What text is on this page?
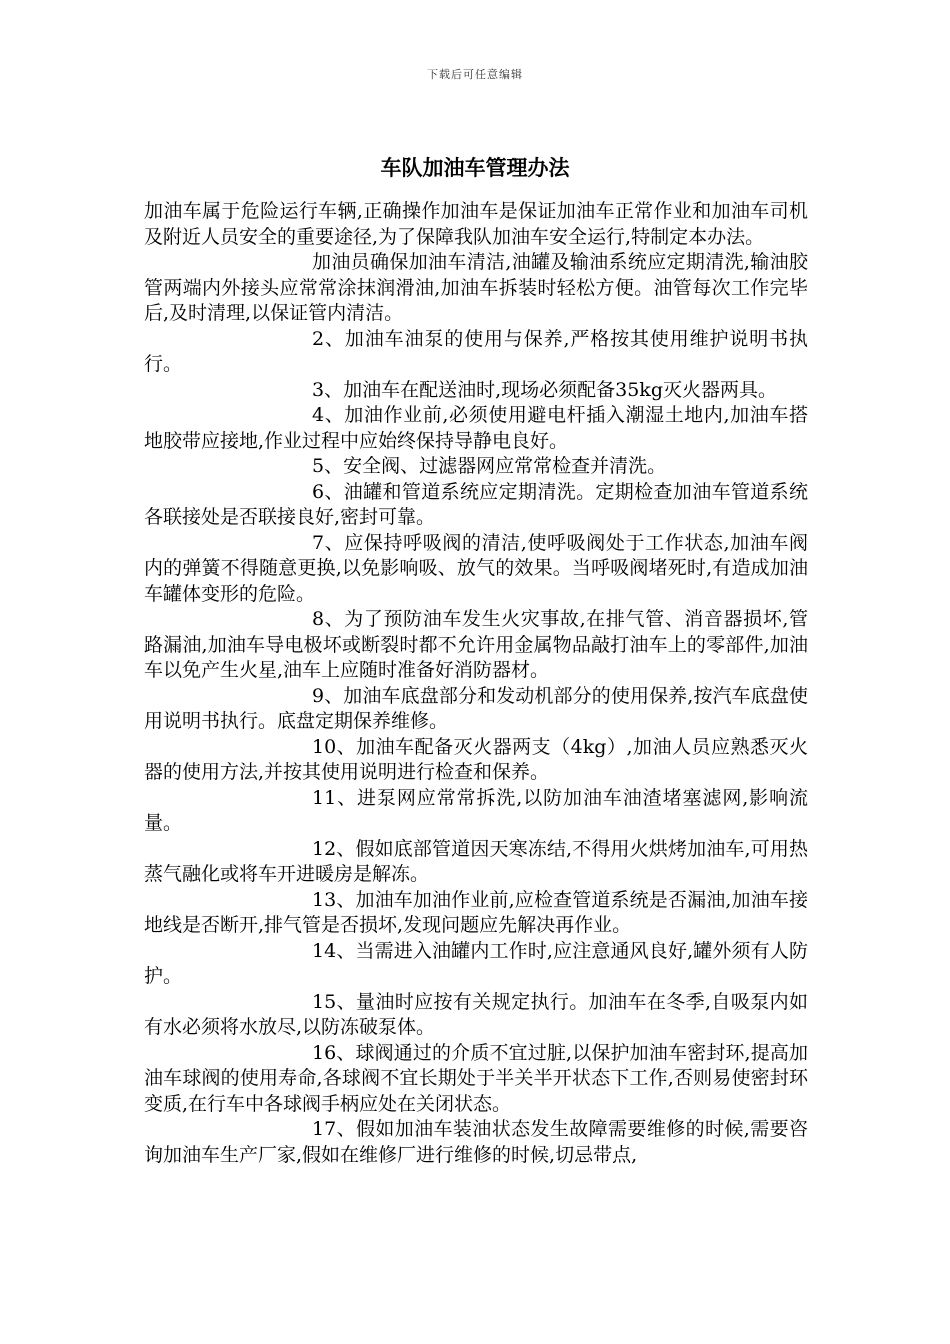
下载后可任意编辑
车队加油车管理办法

加油车属于危险运行车辆,正确操作加油车是保证加油车正常作业和加油车司机及附近人员安全的重要途径,为了保障我队加油车安全运行,特制定本办法。

加油员确保加油车清洁,油罐及输油系统应定期清洗,输油胶管两端内外接头应常常涂抹润滑油,加油车拆装时轻松方便。油管每次工作完毕后,及时清理,以保证管内清洁。

2、加油车油泵的使用与保养,严格按其使用维护说明书执行。

3、加油车在配送油时,现场必须配备35kg灭火器两具。

4、加油作业前,必须使用避电杆插入潮湿土地内,加油车搭地胶带应接地,作业过程中应始终保持导静电良好。

5、安全阀、过滤器网应常常检查并清洗。

6、油罐和管道系统应定期清洗。定期检查加油车管道系统各联接处是否联接良好,密封可靠。

7、应保持呼吸阀的清洁,使呼吸阀处于工作状态,加油车阀内的弹簧不得随意更换,以免影响吸、放气的效果。当呼吸阀堵死时,有造成加油车罐体变形的危险。

8、为了预防油车发生火灾事故,在排气管、消音器损坏,管路漏油,加油车导电极坏或断裂时都不允许用金属物品敲打油车上的零部件,加油车以免产生火星,油车上应随时准备好消防器材。

9、加油车底盘部分和发动机部分的使用保养,按汽车底盘使用说明书执行。底盘定期保养维修。

10、加油车配备灭火器两支（4kg）,加油人员应熟悉灭火器的使用方法,并按其使用说明进行检查和保养。

11、进泵网应常常拆洗,以防加油车油渣堵塞滤网,影响流量。

12、假如底部管道因天寒冻结,不得用火烘烤加油车,可用热蒸气融化或将车开进暖房是解冻。

13、加油车加油作业前,应检查管道系统是否漏油,加油车接地线是否断开,排气管是否损坏,发现问题应先解决再作业。

14、当需进入油罐内工作时,应注意通风良好,罐外须有人防护。

15、量油时应按有关规定执行。加油车在冬季,自吸泵内如有水必须将水放尽,以防冻破泵体。

16、球阀通过的介质不宜过脏,以保护加油车密封环,提高加油车球阀的使用寿命,各球阀不宜长期处于半关半开状态下工作,否则易使密封环变质,在行车中各球阀手柄应处在关闭状态。

17、假如加油车装油状态发生故障需要维修的时候,需要咨询加油车生产厂家,假如在维修厂进行维修的时候,切忌带点,
